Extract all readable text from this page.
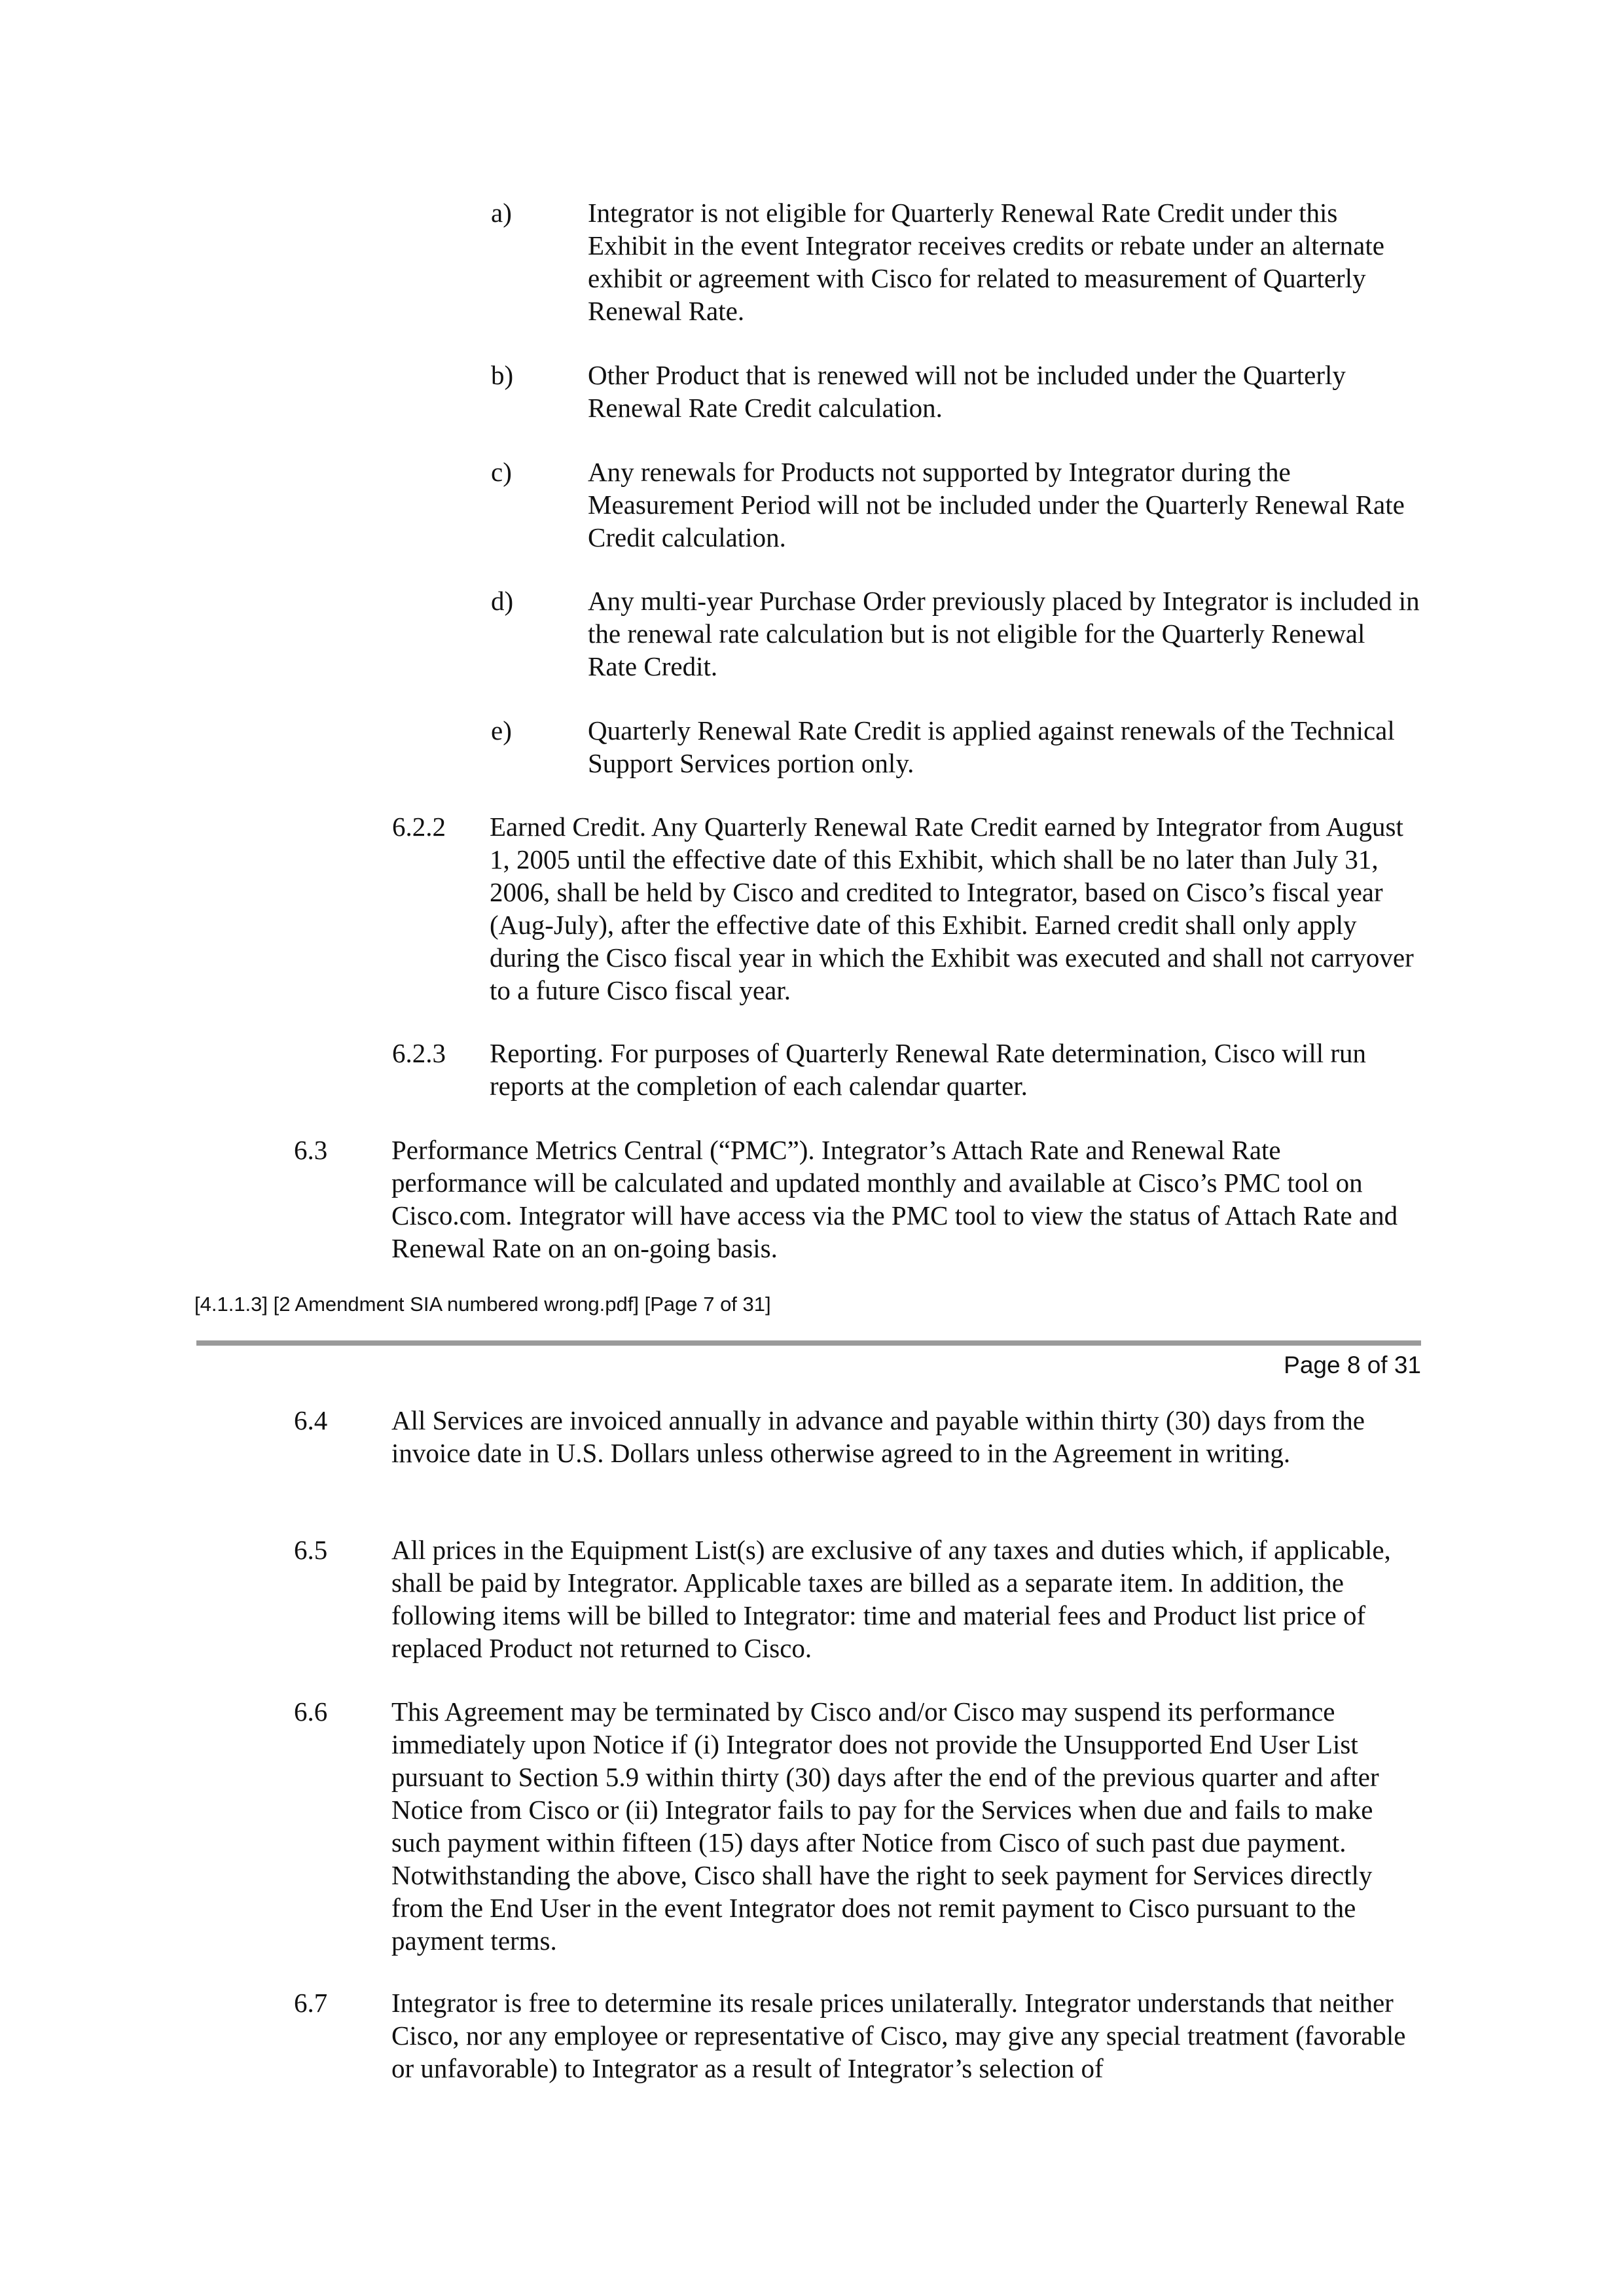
a)	Integrator is not eligible for Quarterly Renewal Rate Credit under this Exhibit in the event Integrator receives credits or rebate under an alternate exhibit or agreement with Cisco for related to measurement of Quarterly Renewal Rate.
b)	Other Product that is renewed will not be included under the Quarterly Renewal Rate Credit calculation.
c)	Any renewals for Products not supported by Integrator during the Measurement Period will not be included under the Quarterly Renewal Rate Credit calculation.
d)	Any multi-year Purchase Order previously placed by Integrator is included in the renewal rate calculation but is not eligible for the Quarterly Renewal Rate Credit.
e)	Quarterly Renewal Rate Credit is applied against renewals of the Technical Support Services portion only.
6.2.2 Earned Credit. Any Quarterly Renewal Rate Credit earned by Integrator from August 1, 2005 until the effective date of this Exhibit, which shall be no later than July 31, 2006, shall be held by Cisco and credited to Integrator, based on Cisco’s fiscal year (Aug-July), after the effective date of this Exhibit. Earned credit shall only apply during the Cisco fiscal year in which the Exhibit was executed and shall not carryover to a future Cisco fiscal year.
6.2.3 Reporting. For purposes of Quarterly Renewal Rate determination, Cisco will run reports at the completion of each calendar quarter.
6.3 Performance Metrics Central (“PMC”). Integrator’s Attach Rate and Renewal Rate performance will be calculated and updated monthly and available at Cisco’s PMC tool on Cisco.com. Integrator will have access via the PMC tool to view the status of Attach Rate and Renewal Rate on an on-going basis.
[4.1.1.3] [2 Amendment SIA numbered wrong.pdf] [Page 7 of 31]
Page 8 of 31
6.4 All Services are invoiced annually in advance and payable within thirty (30) days from the invoice date in U.S. Dollars unless otherwise agreed to in the Agreement in writing.
6.5 All prices in the Equipment List(s) are exclusive of any taxes and duties which, if applicable, shall be paid by Integrator. Applicable taxes are billed as a separate item. In addition, the following items will be billed to Integrator: time and material fees and Product list price of replaced Product not returned to Cisco.
6.6 This Agreement may be terminated by Cisco and/or Cisco may suspend its performance immediately upon Notice if (i) Integrator does not provide the Unsupported End User List pursuant to Section 5.9 within thirty (30) days after the end of the previous quarter and after Notice from Cisco or (ii) Integrator fails to pay for the Services when due and fails to make such payment within fifteen (15) days after Notice from Cisco of such past due payment. Notwithstanding the above, Cisco shall have the right to seek payment for Services directly from the End User in the event Integrator does not remit payment to Cisco pursuant to the payment terms.
6.7 Integrator is free to determine its resale prices unilaterally. Integrator understands that neither Cisco, nor any employee or representative of Cisco, may give any special treatment (favorable or unfavorable) to Integrator as a result of Integrator’s selection of
